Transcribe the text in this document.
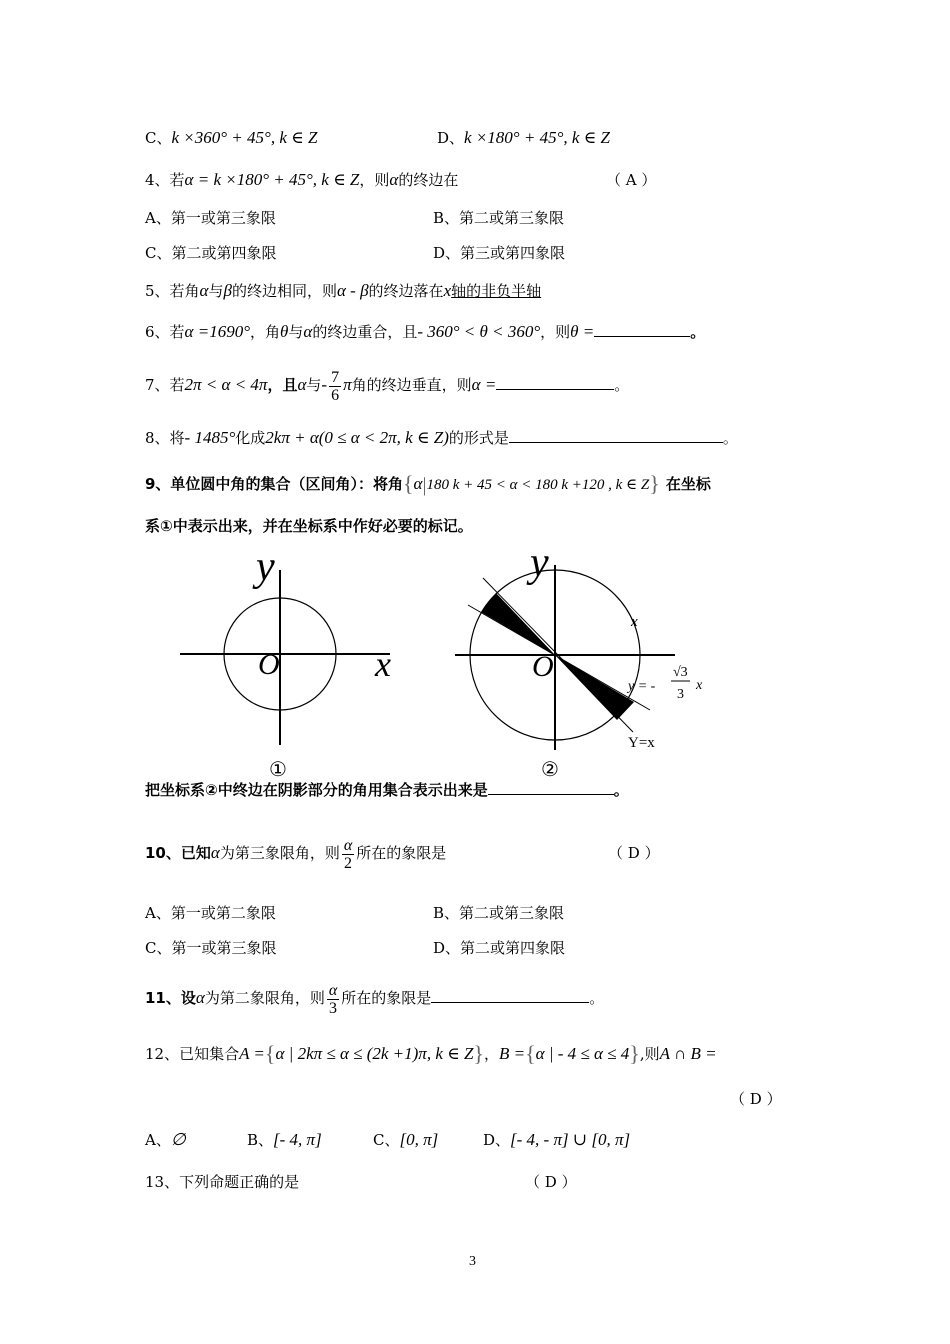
C、k ×360° + 45°, k ∈ Z	D、k ×180° + 45°, k ∈ Z
4、若α = k ×180° + 45°, k ∈ Z，则α的终边在	（ A ）
A、第一或第三象限	B、第二或第三象限
C、第二或第四象限	D、第三或第四象限
5、若角α与β的终边相同，则α - β的终边落在x轴的非负半轴
6、若α =1690°，角θ与α的终边重合，且- 360° < θ < 360°，则θ =	。
7、若2π < α < 4π，且α与- $\frac{7}{6}$ π角的终边垂直，则α =	。
8、将- 1485°化成2kπ + α(0 ≤ α < 2π, k ∈ Z)的形式是	。
9、单位圆中角的集合（区间角）：将角{α|180 k + 45 < α < 180 k +120 , k ∈ Z} 在坐标
系①中表示出来，并在坐标系中作好必要的标记。
y
O	x
①
y
O
x
y = -
√3
3
x
Y=x
②
把坐标系②中终边在阴影部分的角用集合表示出来是	。
10、已知α为第三象限角，则 $\frac{\alpha}{2}$ 所在的象限是	（ D ）
A、第一或第二象限	B、第二或第三象限
C、第一或第三象限	D、第二或第四象限
11、设α为第二象限角，则 $\frac{\alpha}{3}$ 所在的象限是	。
12、已知集合A ={α | 2kπ ≤ α ≤ (2k +1)π, k ∈ Z}，B ={α | - 4 ≤ α ≤ 4},则A ∩ B =
（ D ）
A、∅	B、[- 4, π]	C、[0, π]	D、[- 4, - π] ∪ [0, π]
13、下列命题正确的是	（ D ）
3
